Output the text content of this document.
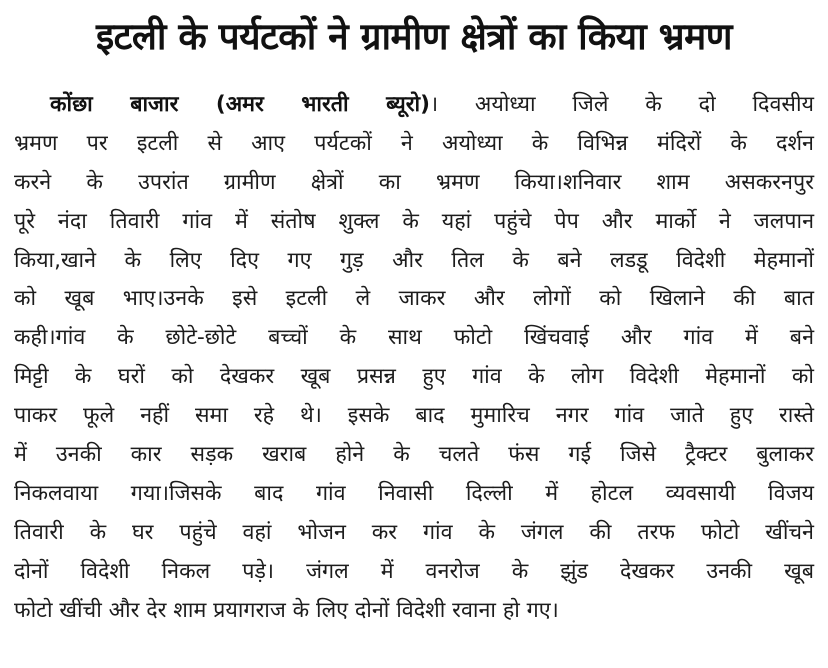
इटली के पर्यटकों ने ग्रामीण क्षेत्रों का किया भ्रमण
कोंछा बाजार (अमर भारती ब्यूरो)। अयोध्या जिले के दो दिवसीय
भ्रमण पर इटली से आए पर्यटकों ने अयोध्या के विभिन्न मंदिरों के दर्शन
करने के उपरांत ग्रामीण क्षेत्रों का भ्रमण किया।शनिवार शाम असकरनपुर
पूरे नंदा तिवारी गांव में संतोष शुक्ल के यहां पहुंचे पेप और मार्को ने जलपान
किया,खाने के लिए दिए गए गुड़ और तिल के बने लडडू विदेशी मेहमानों
को खूब भाए।उनके इसे इटली ले जाकर और लोगों को खिलाने की बात
कही।गांव के छोटे-छोटे बच्चों के साथ फोटो खिंचवाई और गांव में बने
मिट्टी के घरों को देखकर खूब प्रसन्न हुए गांव के लोग विदेशी मेहमानों को
पाकर फूले नहीं समा रहे थे। इसके बाद मुमारिच नगर गांव जाते हुए रास्ते
में उनकी कार सड़क खराब होने के चलते फंस गई जिसे ट्रैक्टर बुलाकर
निकलवाया गया।जिसके बाद गांव निवासी दिल्ली में होटल व्यवसायी विजय
तिवारी के घर पहुंचे वहां भोजन कर गांव के जंगल की तरफ फोटो खींचने
दोनों विदेशी निकल पड़े। जंगल में वनरोज के झुंड देखकर उनकी खूब
फोटो खींची और देर शाम प्रयागराज के लिए दोनों विदेशी रवाना हो गए।
